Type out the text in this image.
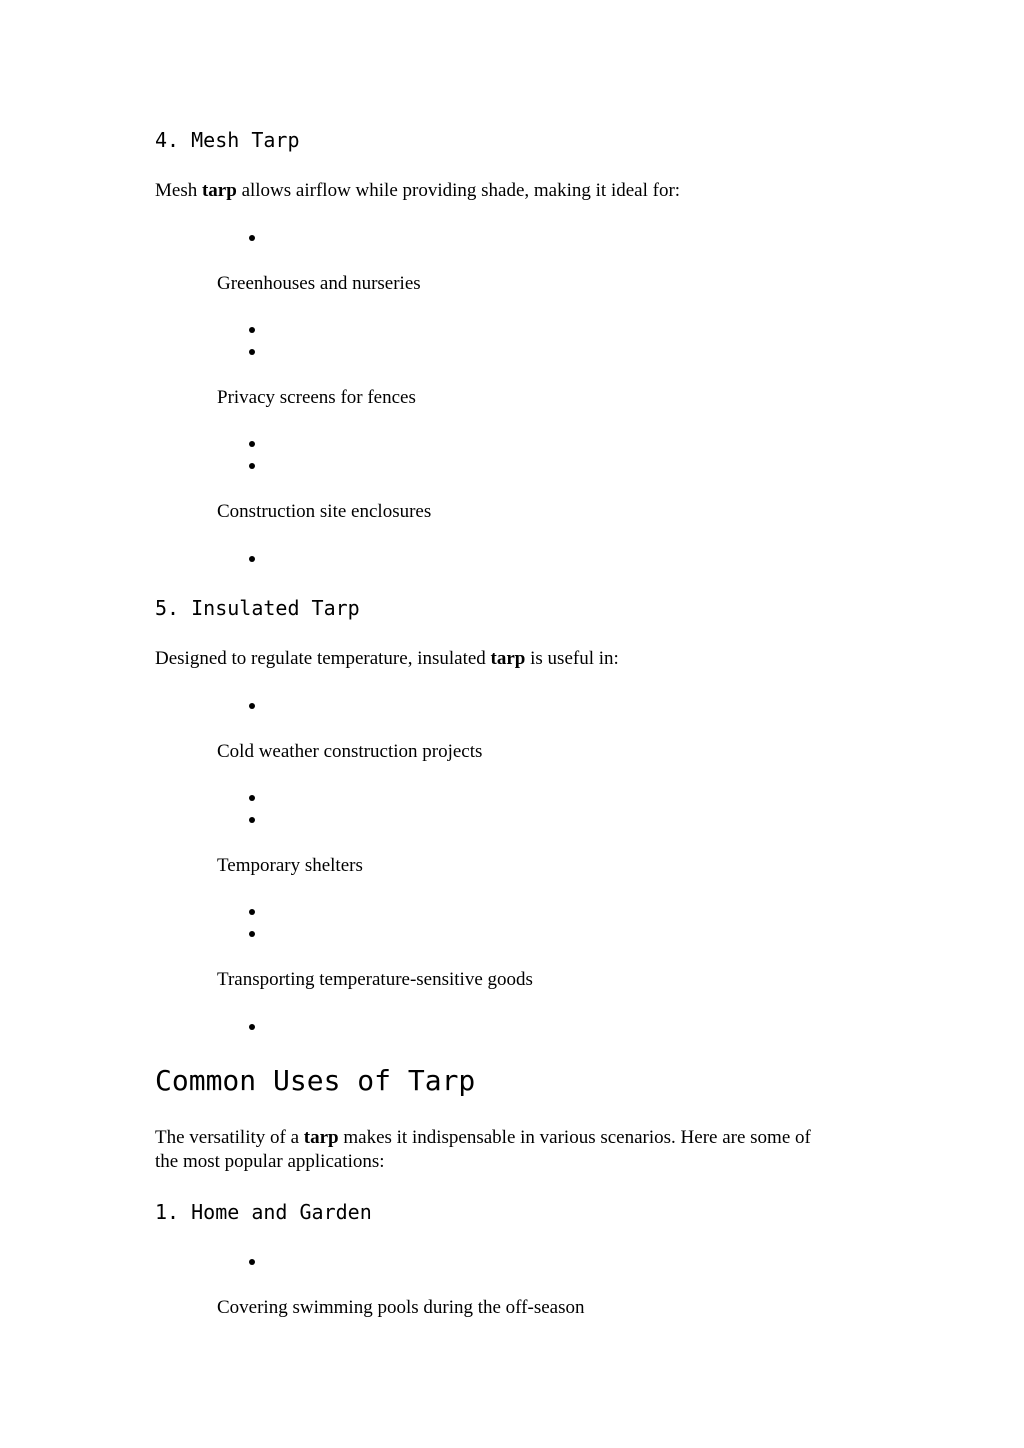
4. Mesh Tarp
Mesh tarp allows airflow while providing shade, making it ideal for:
Greenhouses and nurseries
Privacy screens for fences
Construction site enclosures
5. Insulated Tarp
Designed to regulate temperature, insulated tarp is useful in:
Cold weather construction projects
Temporary shelters
Transporting temperature-sensitive goods
Common Uses of Tarp
The versatility of a tarp makes it indispensable in various scenarios. Here are some of
the most popular applications:
1. Home and Garden
Covering swimming pools during the off-season
